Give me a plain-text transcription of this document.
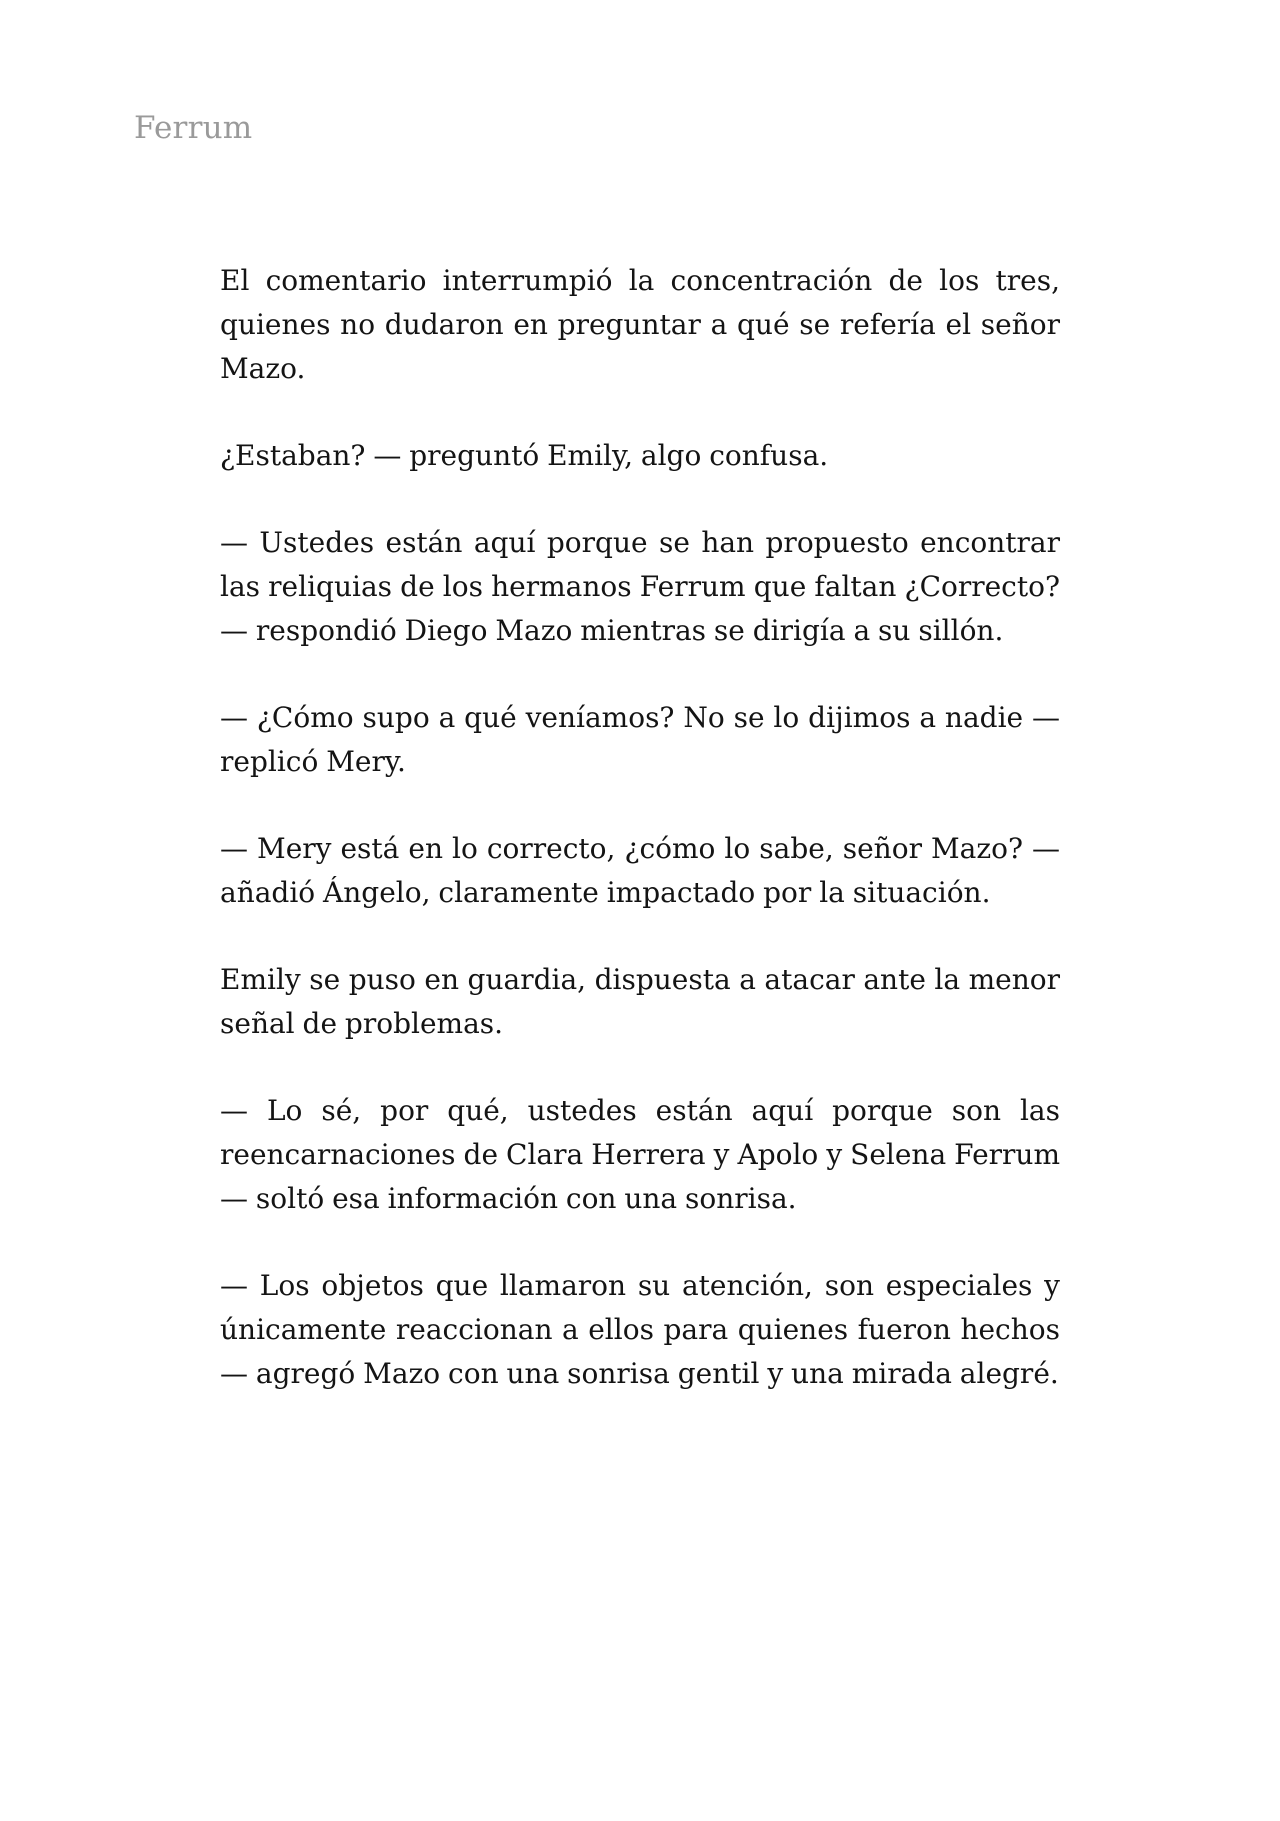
Ferrum

El comentario interrumpió la concentración de los tres, quienes no dudaron en preguntar a qué se refería el señor Mazo.

¿Estaban? — preguntó Emily, algo confusa.

— Ustedes están aquí porque se han propuesto encontrar las reliquias de los hermanos Ferrum que faltan ¿Correcto? — respondió Diego Mazo mientras se dirigía a su sillón.

— ¿Cómo supo a qué veníamos? No se lo dijimos a nadie — replicó Mery.

— Mery está en lo correcto, ¿cómo lo sabe, señor Mazo? — añadió Ángelo, claramente impactado por la situación.

Emily se puso en guardia, dispuesta a atacar ante la menor señal de problemas.

— Lo sé, por qué, ustedes están aquí porque son las reencarnaciones de Clara Herrera y Apolo y Selena Ferrum — soltó esa información con una sonrisa.

— Los objetos que llamaron su atención, son especiales y únicamente reaccionan a ellos para quienes fueron hechos — agregó Mazo con una sonrisa gentil y una mirada alegré.
